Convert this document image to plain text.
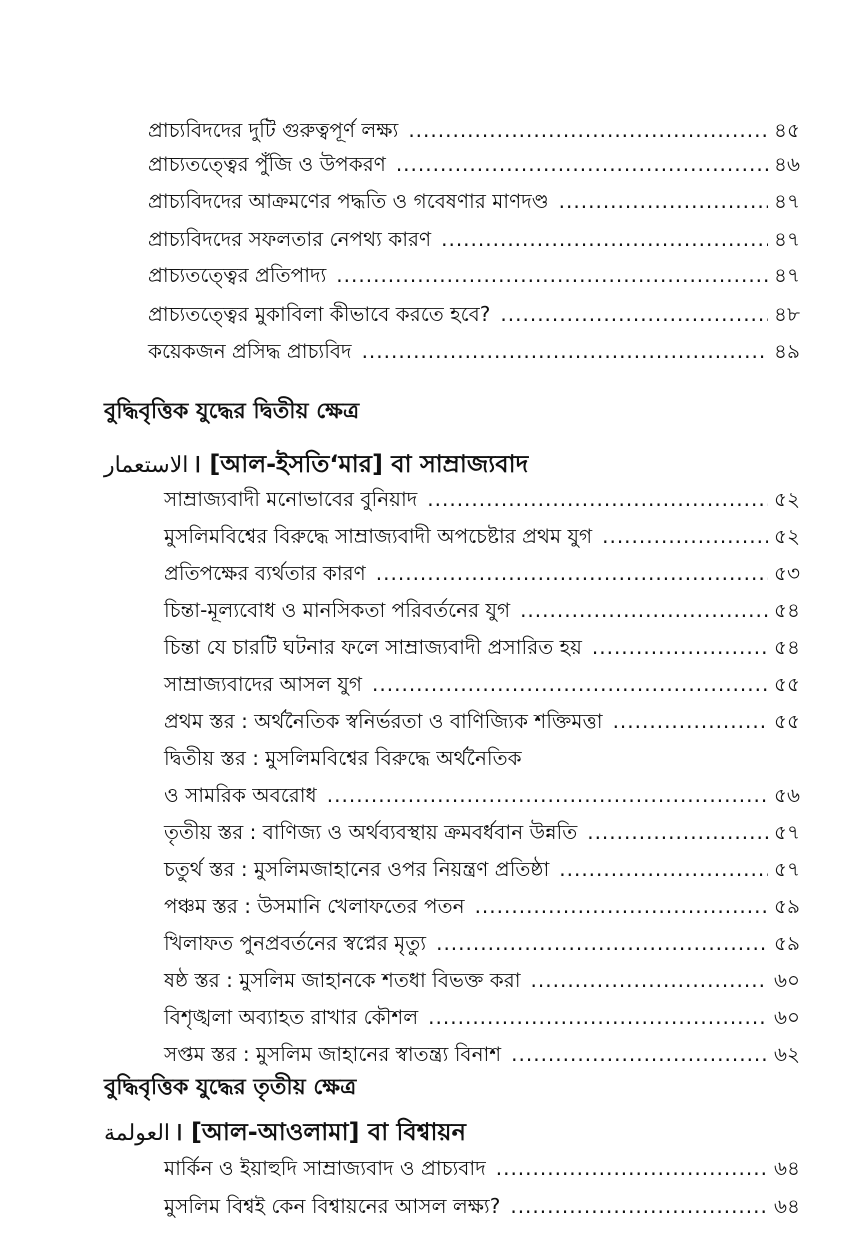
প্রাচ্যবিদদের দুটি গুরুত্বপূর্ণ লক্ষ্য .....	৪৫
প্রাচ্যতত্ত্বের পুঁজি ও উপকরণ .....	৪৬
প্রাচ্যবিদদের আক্রমণের পদ্ধতি ও গবেষণার মাণদণ্ড .....	৪৭
প্রাচ্যবিদদের সফলতার নেপথ্য কারণ .....	৪৭
প্রাচ্যতত্ত্বের প্রতিপাদ্য .....	৪৭
প্রাচ্যতত্ত্বের মুকাবিলা কীভাবে করতে হবে? .....	৪৮
কয়েকজন প্রসিদ্ধ প্রাচ্যবিদ .....	৪৯
বুদ্ধিবৃত্তিক যুদ্ধের দ্বিতীয় ক্ষেত্র
الاستعمار । [আল-ইসতি‘মার] বা সাম্রাজ্যবাদ
সাম্রাজ্যবাদী মনোভাবের বুনিয়াদ .....	৫২
মুসলিমবিশ্বের বিরুদ্ধে সাম্রাজ্যবাদী অপচেষ্টার প্রথম যুগ .....	৫২
প্রতিপক্ষের ব্যর্থতার কারণ .....	৫৩
চিন্তা-মূল্যবোধ ও মানসিকতা পরিবর্তনের যুগ .....	৫৪
চিন্তা যে চারটি ঘটনার ফলে সাম্রাজ্যবাদী প্রসারিত হয় .....	৫৪
সাম্রাজ্যবাদের আসল যুগ .....	৫৫
প্রথম স্তর : অর্থনৈতিক স্বনির্ভরতা ও বাণিজ্যিক শক্তিমত্তা .....	৫৫
দ্বিতীয় স্তর : মুসলিমবিশ্বের বিরুদ্ধে অর্থনৈতিক
ও সামরিক অবরোধ .....	৫৬
তৃতীয় স্তর : বাণিজ্য ও অর্থব্যবস্থায় ক্রমবর্ধবান উন্নতি .....	৫৭
চতুর্থ স্তর : মুসলিমজাহানের ওপর নিয়ন্ত্রণ প্রতিষ্ঠা .....	৫৭
পঞ্চম স্তর : উসমানি খেলাফতের পতন .....	৫৯
খিলাফত পুনপ্রবর্তনের স্বপ্নের মৃত্যু .....	৫৯
ষষ্ঠ স্তর : মুসলিম জাহানকে শতধা বিভক্ত করা .....	৬০
বিশৃঙ্খলা অব্যাহত রাখার কৌশল .....	৬০
সপ্তম স্তর : মুসলিম জাহানের স্বাতন্ত্র্য বিনাশ .....	৬২
বুদ্ধিবৃত্তিক যুদ্ধের তৃতীয় ক্ষেত্র
العولمة । [আল-আওলামা] বা বিশ্বায়ন
মার্কিন ও ইয়াহুদি সাম্রাজ্যবাদ ও প্রাচ্যবাদ .....	৬৪
মুসলিম বিশ্বই কেন বিশ্বায়নের আসল লক্ষ্য? .....	৬৪
